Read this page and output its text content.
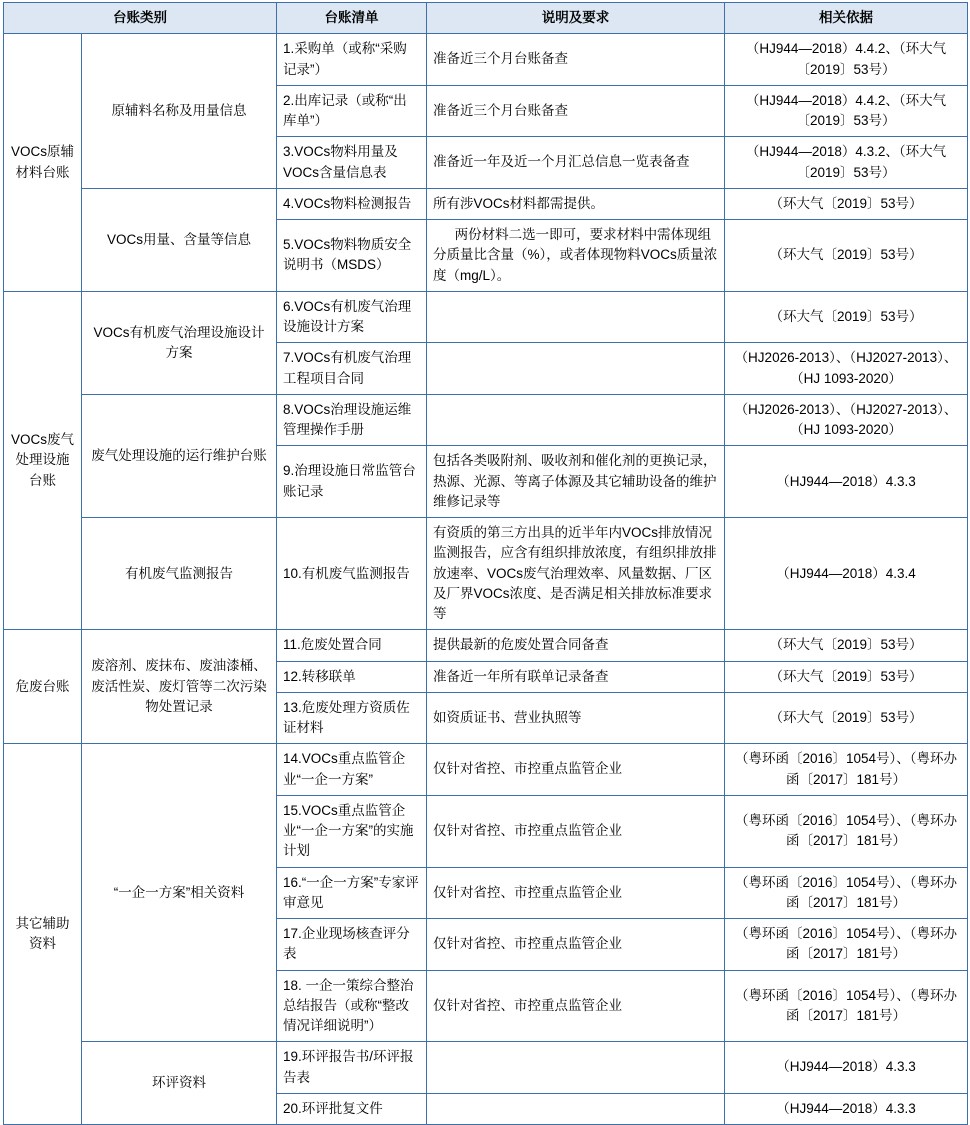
台账类别		台账清单	说明及要求	相关依据
VOCs原辅材料台账	原辅料名称及用量信息	1.采购单（或称“采购记录”）	准备近三个月台账备查	（HJ944—2018）4.4.2、（环大气〔2019〕53号）
		2.出库记录（或称“出库单”）	准备近三个月台账备查	（HJ944—2018）4.4.2、（环大气〔2019〕53号）
		3.VOCs物料用量及VOCs含量信息表	准备近一年及近一个月汇总信息一览表备查	（HJ944—2018）4.3.2、（环大气〔2019〕53号）
	VOCs用量、含量等信息	4.VOCs物料检测报告	所有涉VOCs材料都需提供。	（环大气〔2019〕53号）
		5.VOCs物料物质安全说明书（MSDS）	两份材料二选一即可，要求材料中需体现组分质量比含量（%），或者体现物料VOCs质量浓度（mg/L）。	（环大气〔2019〕53号）
VOCs废气处理设施台账	VOCs有机废气治理设施设计方案	6.VOCs有机废气治理设施设计方案		（环大气〔2019〕53号）
		7.VOCs有机废气治理工程项目合同		（HJ2026-2013）、（HJ2027-2013）、（HJ 1093-2020）
	废气处理设施的运行维护台账	8.VOCs治理设施运维管理操作手册		（HJ2026-2013）、（HJ2027-2013）、（HJ 1093-2020）
		9.治理设施日常监管台账记录	包括各类吸附剂、吸收剂和催化剂的更换记录，热源、光源、等离子体源及其它辅助设备的维护维修记录等	（HJ944—2018）4.3.3
	有机废气监测报告	10.有机废气监测报告	有资质的第三方出具的近半年内VOCs排放情况监测报告，应含有组织排放浓度，有组织排放排放速率、VOCs废气治理效率、风量数据、厂区及厂界VOCs浓度、是否满足相关排放标准要求等	（HJ944—2018）4.3.4
危废台账	废溶剂、废抹布、废油漆桶、废活性炭、废灯管等二次污染物处置记录	11.危废处置合同	提供最新的危废处置合同备查	（环大气〔2019〕53号）
		12.转移联单	准备近一年所有联单记录备查	（环大气〔2019〕53号）
		13.危废处理方资质佐证材料	如资质证书、营业执照等	（环大气〔2019〕53号）
其它辅助资料	“一企一方案”相关资料	14.VOCs重点监管企业“一企一方案”	仅针对省控、市控重点监管企业	（粤环函〔2016〕1054号）、（粤环办函〔2017〕181号）
		15.VOCs重点监管企业“一企一方案”的实施计划	仅针对省控、市控重点监管企业	（粤环函〔2016〕1054号）、（粤环办函〔2017〕181号）
		16.“一企一方案”专家评审意见	仅针对省控、市控重点监管企业	（粤环函〔2016〕1054号）、（粤环办函〔2017〕181号）
		17.企业现场核查评分表	仅针对省控、市控重点监管企业	（粤环函〔2016〕1054号）、（粤环办函〔2017〕181号）
		18. 一企一策综合整治总结报告（或称“整改情况详细说明”）	仅针对省控、市控重点监管企业	（粤环函〔2016〕1054号）、（粤环办函〔2017〕181号）
	环评资料	19.环评报告书/环评报告表		（HJ944—2018）4.3.3
		20.环评批复文件		（HJ944—2018）4.3.3
